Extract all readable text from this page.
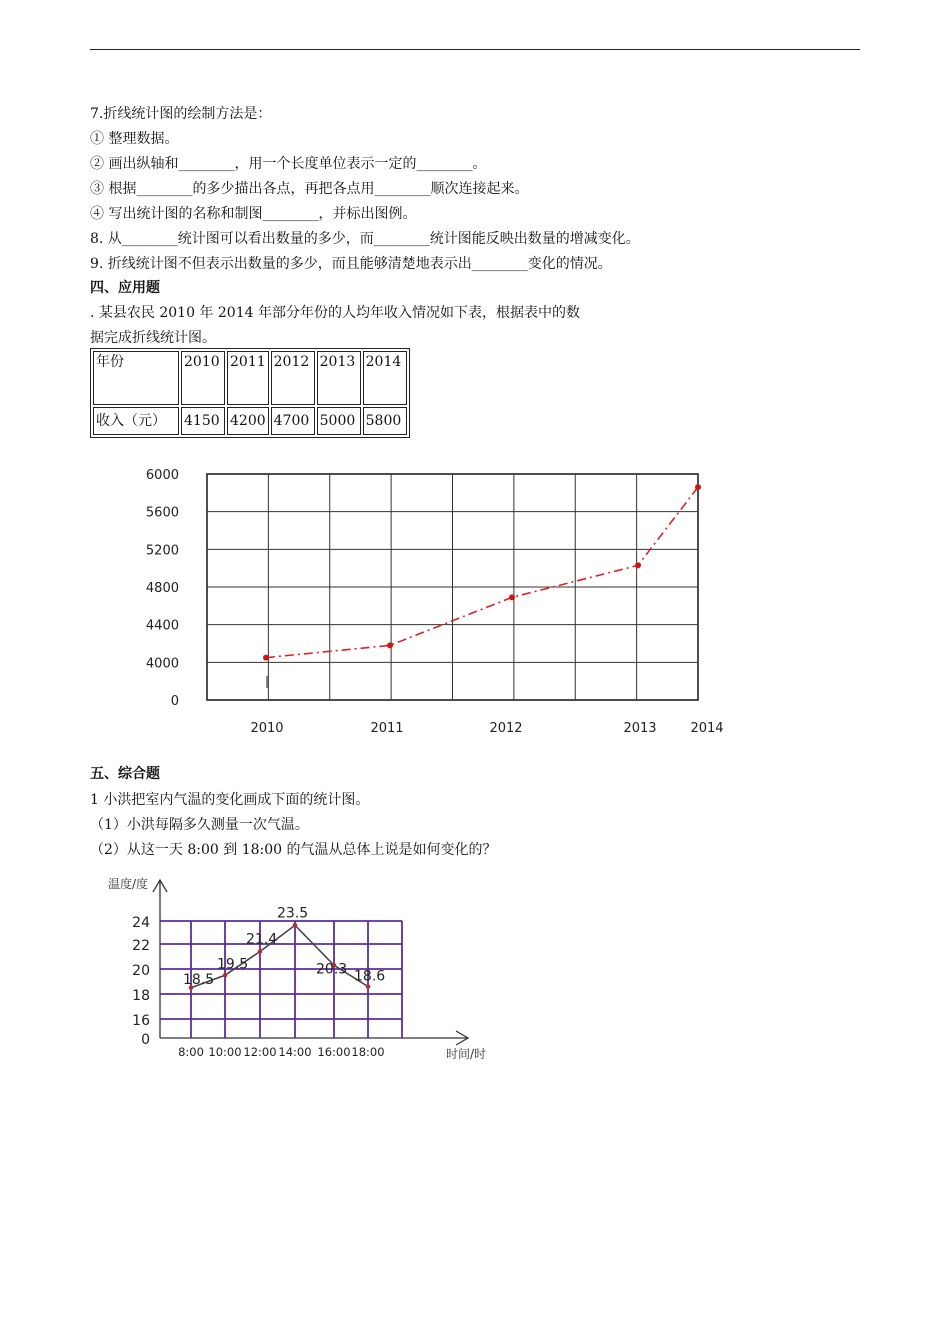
7.折线统计图的绘制方法是：
① 整理数据。
② 画出纵轴和________，用一个长度单位表示一定的________。
③ 根据________的多少描出各点，再把各点用________顺次连接起来。
④ 写出统计图的名称和制图________，并标出图例。
8. 从________统计图可以看出数量的多少，而________统计图能反映出数量的增减变化。
9. 折线统计图不但表示出数量的多少，而且能够清楚地表示出________变化的情况。
四、应用题
. 某县农民 2010 年 2014 年部分年份的人均年收入情况如下表，根据表中的数
据完成折线统计图。
年份	2010	2011	2012	2013	2014
收入（元）	4150	4200	4700	5000	5800
0
4000
4400
4800
5200
5600
6000
2010	2011	2012	2013	2014
五、综合题
1 小洪把室内气温的变化画成下面的统计图。
（1）小洪每隔多久测量一次气温。
（2）从这一天 8:00 到 18:00 的气温从总体上说是如何变化的？
0
16
18
20
22
24
8:00 10:00 12:00 14:00 16:00 18:00
18.5
19.5
21.4
23.5
20.3 18.6
温度/度
时间/时
